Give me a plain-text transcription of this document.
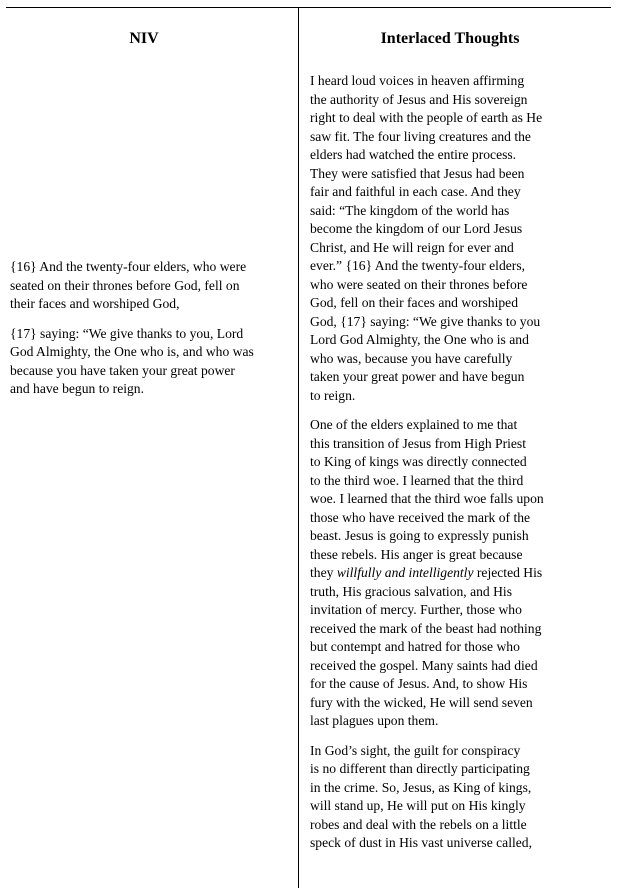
NIV	Interlaced Thoughts
{16} And the twenty-four elders, who were
seated on their thrones before God, fell on
their faces and worshiped God,
{17} saying: “We give thanks to you, Lord
God Almighty, the One who is, and who was
because you have taken your great power
and have begun to reign.
I heard loud voices in heaven affirming
the authority of Jesus and His sovereign
right to deal with the people of earth as He
saw fit. The four living creatures and the
elders had watched the entire process.
They were satisfied that Jesus had been
fair and faithful in each case. And they
said: “The kingdom of the world has
become the kingdom of our Lord Jesus
Christ, and He will reign for ever and
ever.” {16} And the twenty-four elders,
who were seated on their thrones before
God, fell on their faces and worshiped
God, {17} saying: “We give thanks to you
Lord God Almighty, the One who is and
who was, because you have carefully
taken your great power and have begun
to reign.
One of the elders explained to me that
this transition of Jesus from High Priest
to King of kings was directly connected
to the third woe. I learned that the third
woe. I learned that the third woe falls upon
those who have received the mark of the
beast. Jesus is going to expressly punish
these rebels. His anger is great because
they willfully and intelligently rejected His
truth, His gracious salvation, and His
invitation of mercy. Further, those who
received the mark of the beast had nothing
but contempt and hatred for those who
received the gospel. Many saints had died
for the cause of Jesus. And, to show His
fury with the wicked, He will send seven
last plagues upon them.
In God’s sight, the guilt for conspiracy
is no different than directly participating
in the crime. So, Jesus, as King of kings,
will stand up, He will put on His kingly
robes and deal with the rebels on a little
speck of dust in His vast universe called,
